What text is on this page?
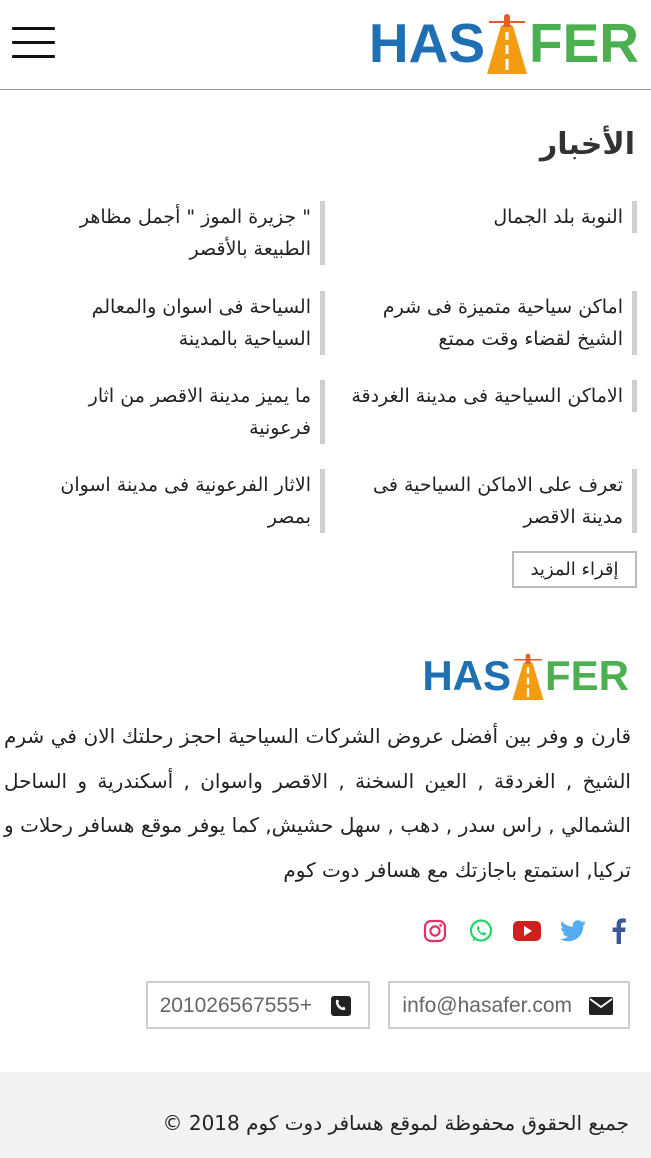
HAS FER
الأخبار
النوبة بلد الجمال
" جزيرة الموز " أجمل مظاهر الطبيعة بالأقصر
اماكن سياحية متميزة فى شرم الشيخ لقضاء وقت ممتع
السياحة فى اسوان والمعالم السياحية بالمدينة
الاماكن السياحية فى مدينة الغردقة
ما يميز مدينة الاقصر من اثار فرعونية
تعرف على الاماكن السياحية فى مدينة الاقصر
الاثار الفرعونية فى مدينة اسوان بمصر
إقراء المزيد
HAS FER

قارن و وفر بين أفضل عروض الشركات السياحية احجز رحلتك الان في شرم الشيخ , الغردقة , العين السخنة , الاقصر واسوان , أسكندرية و الساحل الشمالي , راس سدر , دهب , سهل حشيش, كما يوفر موقع هسافر رحلات و تركيا, استمتع باجازتك مع هسافر دوت كوم

info@hasafer.com
201026567555+
جميع الحقوق محفوظة لموقع هسافر دوت كوم 2018 ©
